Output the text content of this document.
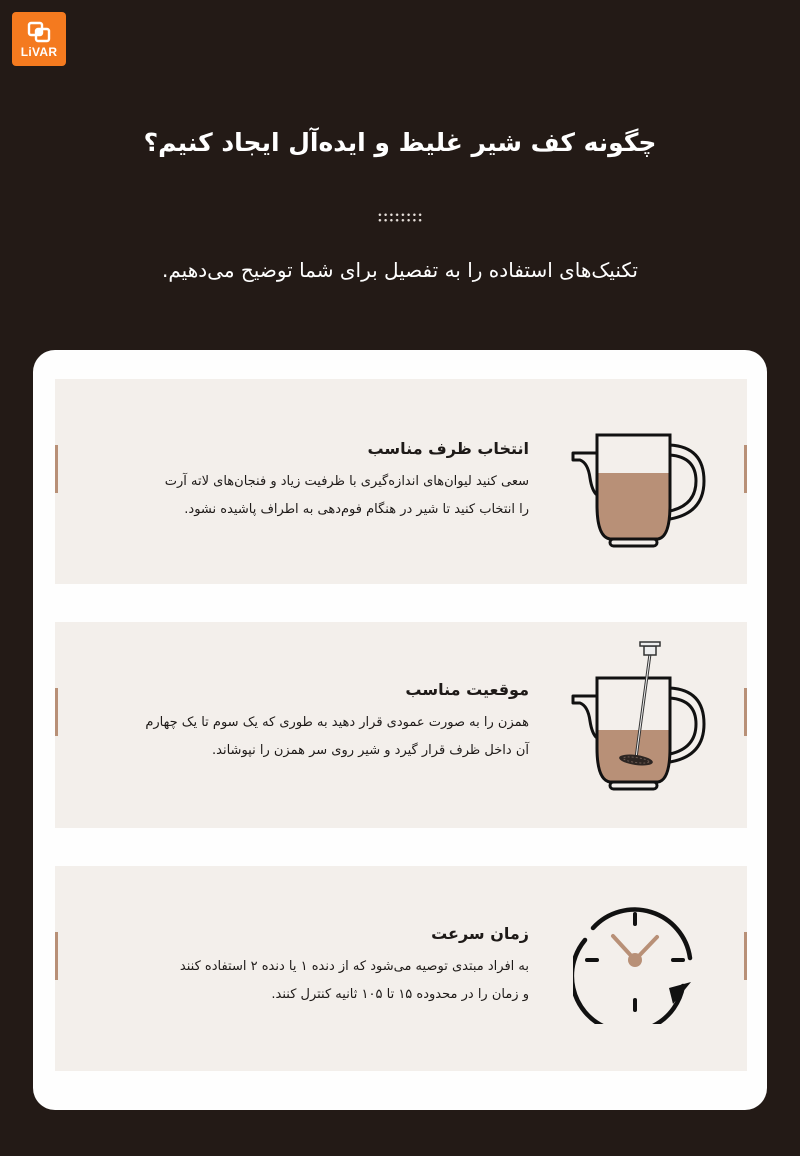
LiVAR
چگونه کف شیر غلیظ و ایده‌آل ایجاد کنیم؟
تکنیک‌های استفاده را به تفصیل برای شما توضیح می‌دهیم.
انتخاب ظرف مناسب

سعی کنید لیوان‌های اندازه‌گیری با ظرفیت زیاد و فنجان‌های لاته آرت

را انتخاب کنید تا شیر در هنگام فوم‌دهی به اطراف پاشیده نشود.

موقعیت مناسب

همزن را به صورت عمودی قرار دهید به طوری که یک سوم تا یک چهارم

آن داخل ظرف قرار گیرد و شیر روی سر همزن را نپوشاند.

زمان سرعت

به افراد مبتدی توصیه می‌شود که از دنده ۱ یا دنده ۲ استفاده کنند

و زمان را در محدوده ۱۵ تا ۱۰۵ ثانیه کنترل کنند.
